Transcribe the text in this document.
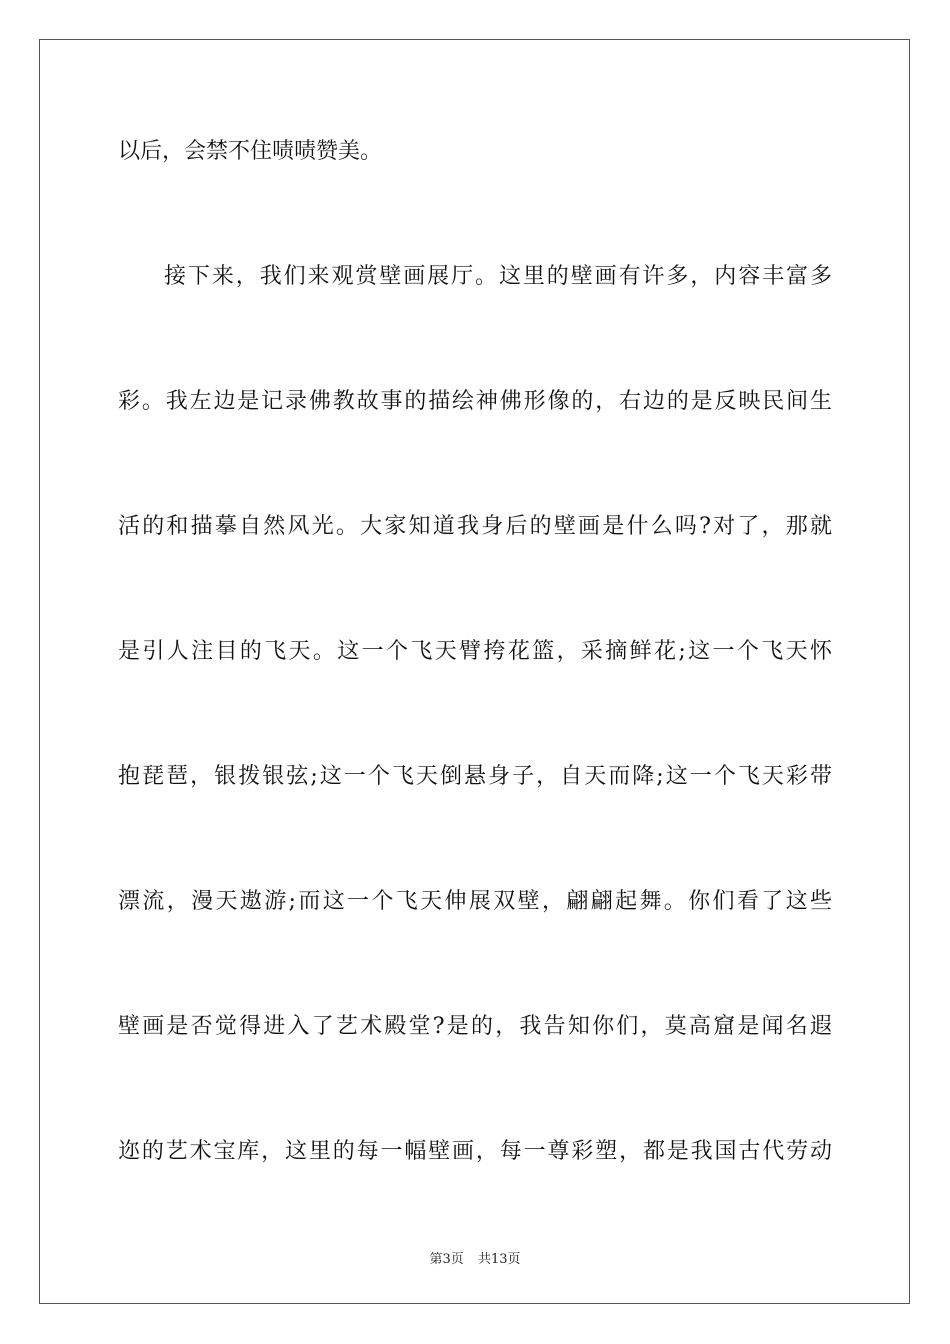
以后，会禁不住啧啧赞美。
接下来，我们来观赏壁画展厅。这里的壁画有许多，内容丰富多
彩。我左边是记录佛教故事的描绘神佛形像的，右边的是反映民间生
活的和描摹自然风光。大家知道我身后的壁画是什么吗?对了，那就
是引人注目的飞天。这一个飞天臂挎花篮，采摘鲜花;这一个飞天怀
抱琵琶，银拨银弦;这一个飞天倒悬身子，自天而降;这一个飞天彩带
漂流，漫天遨游;而这一个飞天伸展双壁，翩翩起舞。你们看了这些
壁画是否觉得进入了艺术殿堂?是的，我告知你们，莫高窟是闻名遐
迩的艺术宝库，这里的每一幅壁画，每一尊彩塑，都是我国古代劳动
第3页 共13页
